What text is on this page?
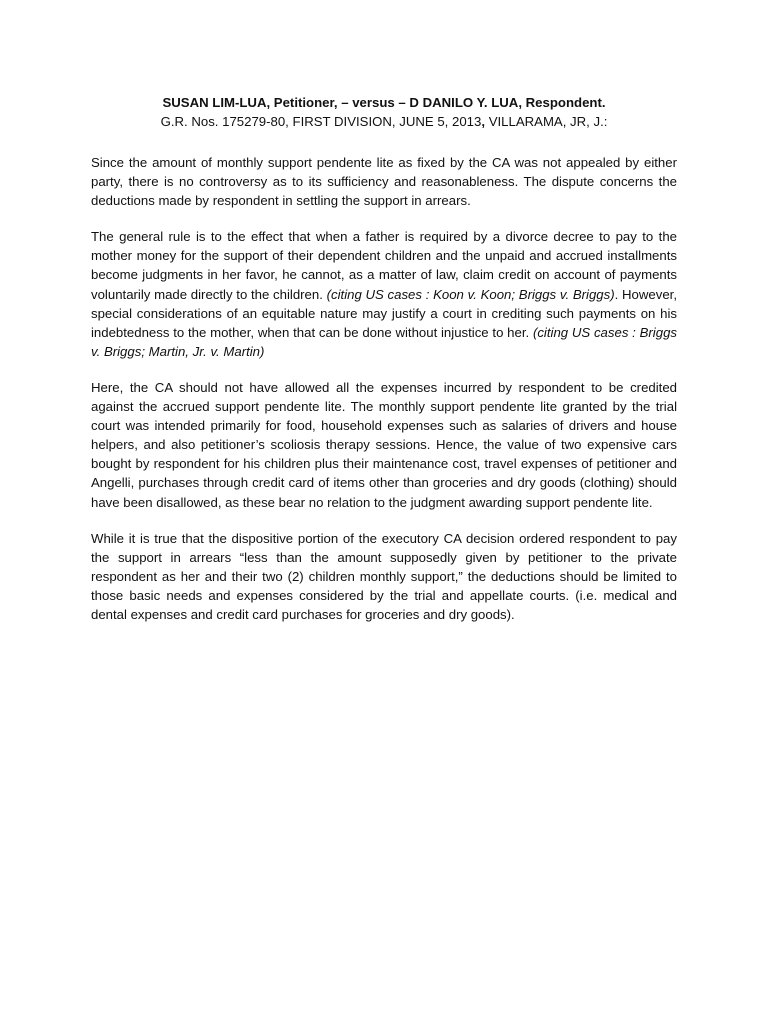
SUSAN LIM-LUA, Petitioner, – versus – D DANILO Y. LUA, Respondent.
G.R. Nos. 175279-80, FIRST DIVISION, JUNE 5, 2013, VILLARAMA, JR, J.:

Since the amount of monthly support pendente lite as fixed by the CA was not appealed by either party, there is no controversy as to its sufficiency and reasonableness. The dispute concerns the deductions made by respondent in settling the support in arrears.

The general rule is to the effect that when a father is required by a divorce decree to pay to the mother money for the support of their dependent children and the unpaid and accrued installments become judgments in her favor, he cannot, as a matter of law, claim credit on account of payments voluntarily made directly to the children. (citing US cases : Koon v. Koon; Briggs v. Briggs). However, special considerations of an equitable nature may justify a court in crediting such payments on his indebtedness to the mother, when that can be done without injustice to her. (citing US cases : Briggs v. Briggs; Martin, Jr. v. Martin)

Here, the CA should not have allowed all the expenses incurred by respondent to be credited against the accrued support pendente lite. The monthly support pendente lite granted by the trial court was intended primarily for food, household expenses such as salaries of drivers and house helpers, and also petitioner’s scoliosis therapy sessions. Hence, the value of two expensive cars bought by respondent for his children plus their maintenance cost, travel expenses of petitioner and Angelli, purchases through credit card of items other than groceries and dry goods (clothing) should have been disallowed, as these bear no relation to the judgment awarding support pendente lite.

While it is true that the dispositive portion of the executory CA decision ordered respondent to pay the support in arrears “less than the amount supposedly given by petitioner to the private respondent as her and their two (2) children monthly support,” the deductions should be limited to those basic needs and expenses considered by the trial and appellate courts. (i.e. medical and dental expenses and credit card purchases for groceries and dry goods).
